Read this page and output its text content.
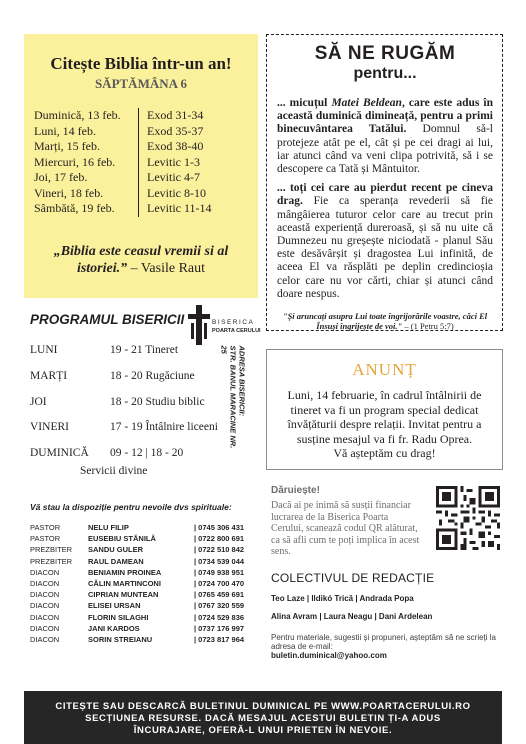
Citește Biblia într-un an!
SĂPTĂMÂNA 6
Duminică, 13 feb.	Exod 31-34
Luni, 14 feb.	Exod 35-37
Marți, 15 feb.	Exod 38-40
Miercuri, 16 feb.	Levitic 1-3
Joi, 17 feb.	Levitic 4-7
Vineri, 18 feb.	Levitic 8-10
Sâmbătă, 19 feb.	Levitic 11-14
„Biblia este ceasul vremii si al istoriei.” – Vasile Raut
PROGRAMUL BISERICII	BISERICA
POARTA CERULUI
LUNI	19 - 21 Tineret
MARȚI	18 - 20 Rugăciune
JOI	18 - 20 Studiu biblic
VINERI	17 - 19 Întâlnire liceeni
DUMINICĂ	09 - 12 | 18 - 20
Servicii divine
ADRESA BISERICII:
STR. BANUL MARACINE NR. 25
Vă stau la dispoziție pentru nevoile dvs spirituale:
PASTOR	NELU FILIP	| 0745 306 431
PASTOR	EUSEBIU STĂNILĂ	| 0722 800 691
PREZBITER	SANDU GULER	| 0722 510 842
PREZBITER	RAUL DAMEAN	| 0734 539 044
DIACON	BENIAMIN PROINEA	| 0749 938 951
DIACON	CĂLIN MARTINCONI	| 0724 700 470
DIACON	CIPRIAN MUNTEAN	| 0765 459 691
DIACON	ELISEI URSAN	| 0767 320 559
DIACON	FLORIN SILAGHI	| 0724 529 836
DIACON	JANI KARDOS	| 0737 176 997
DIACON	SORIN STREIANU	| 0723 817 964
SĂ NE RUGĂM
pentru...

... micuțul Matei Beldean, care este adus în această duminică dimineață, pentru a primi binecuvântarea Tatălui. Domnul să-l protejeze atât pe el, cât și pe cei dragi ai lui, iar atunci când va veni clipa potrivită, să i se descopere ca Tată și Mântuitor.

... toți cei care au pierdut recent pe cineva drag. Fie ca speranța revederii să fie mângâierea tuturor celor care au trecut prin această experiență dureroasă, și să nu uite că Dumnezeu nu greșește niciodată - planul Său este desăvârșit și dragostea Lui infinită, de aceea El va răsplăti pe deplin credincioșia celor care nu vor cărti, chiar și atunci când doare nespus.

"Și aruncați asupra Lui toate îngrijorările voastre, căci El Însuși îngrijește de voi." – (1 Petru 5:7)
ANUNȚ
Luni, 14 februarie, în cadrul întâlnirii de tineret va fi un program special dedicat învățăturii despre relații. Invitat pentru a susține mesajul va fi fr. Radu Oprea.
Vă așteptăm cu drag!
Dăruiește!
Dacă ai pe inimă să susții financiar lucrarea de la Biserica Poarta Cerului, scanează codul QR alăturat, ca să afli cum te poți implica în acest sens.
COLECTIVUL DE REDACȚIE
Teo Laze | Ildikó Trică | Andrada Popa
Alina Avram | Laura Neagu | Dani Ardelean
Pentru materiale, sugestii și propuneri, așteptăm să ne scrieți la adresa de e-mail:
buletin.duminical@yahoo.com
CITEȘTE SAU DESCARCĂ BULETINUL DUMINICAL PE WWW.POARTACERULUI.RO
SECȚIUNEA RESURSE. DACĂ MESAJUL ACESTUI BULETIN ȚI-A ADUS
ÎNCURAJARE, OFERĂ-L UNUI PRIETEN ÎN NEVOIE.
